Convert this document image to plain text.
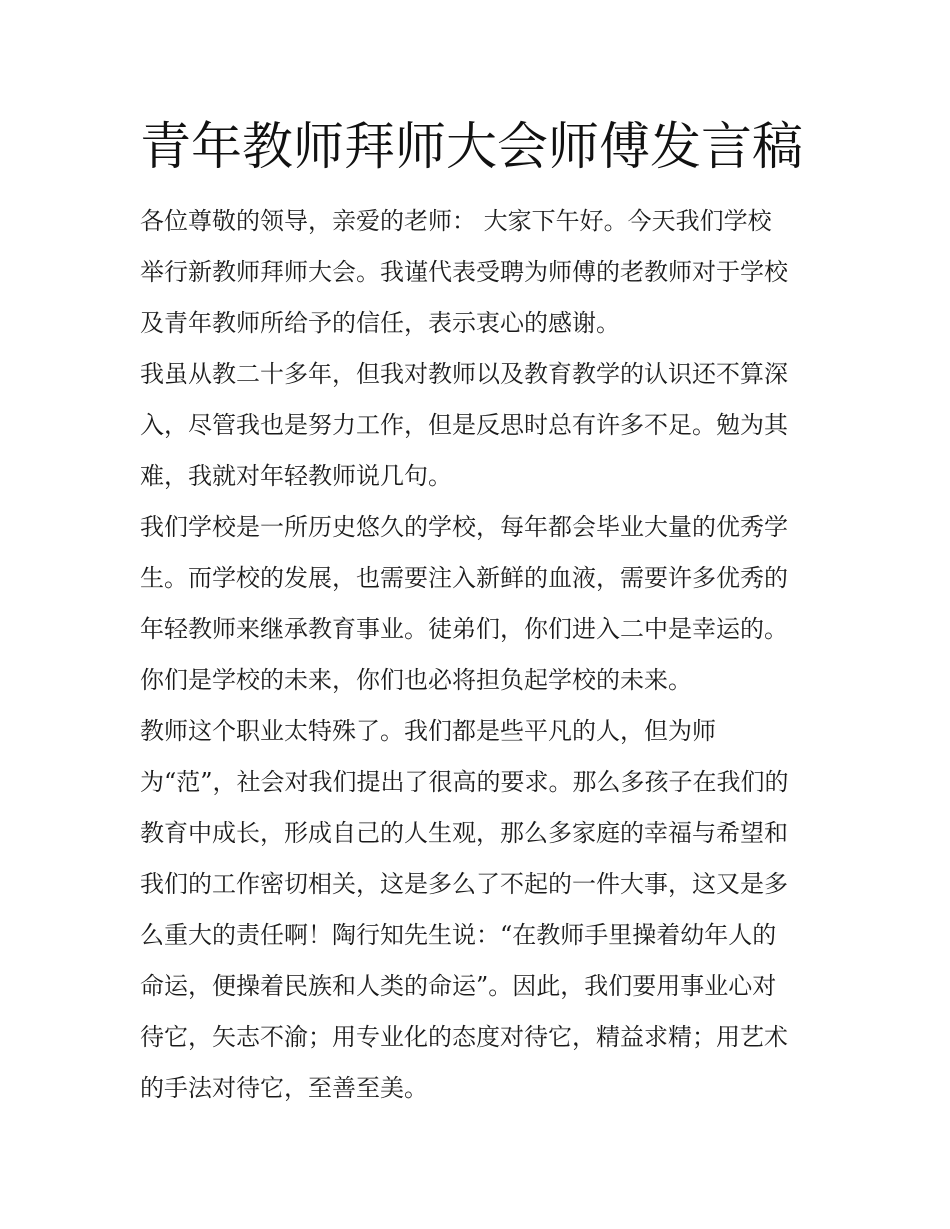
青年教师拜师大会师傅发言稿

各位尊敬的领导，亲爱的老师： 大家下午好。今天我们学校

举行新教师拜师大会。我谨代表受聘为师傅的老教师对于学校

及青年教师所给予的信任，表示衷心的感谢。

我虽从教二十多年，但我对教师以及教育教学的认识还不算深

入，尽管我也是努力工作，但是反思时总有许多不足。勉为其

难，我就对年轻教师说几句。

我们学校是一所历史悠久的学校，每年都会毕业大量的优秀学

生。而学校的发展，也需要注入新鲜的血液，需要许多优秀的

年轻教师来继承教育事业。徒弟们，你们进入二中是幸运的。

你们是学校的未来，你们也必将担负起学校的未来。

教师这个职业太特殊了。我们都是些平凡的人，但为师

为“范”，社会对我们提出了很高的要求。那么多孩子在我们的

教育中成长，形成自己的人生观，那么多家庭的幸福与希望和

我们的工作密切相关，这是多么了不起的一件大事，这又是多

么重大的责任啊！陶行知先生说：“在教师手里操着幼年人的

命运，便操着民族和人类的命运”。因此，我们要用事业心对

待它，矢志不渝；用专业化的态度对待它，精益求精；用艺术

的手法对待它，至善至美。
